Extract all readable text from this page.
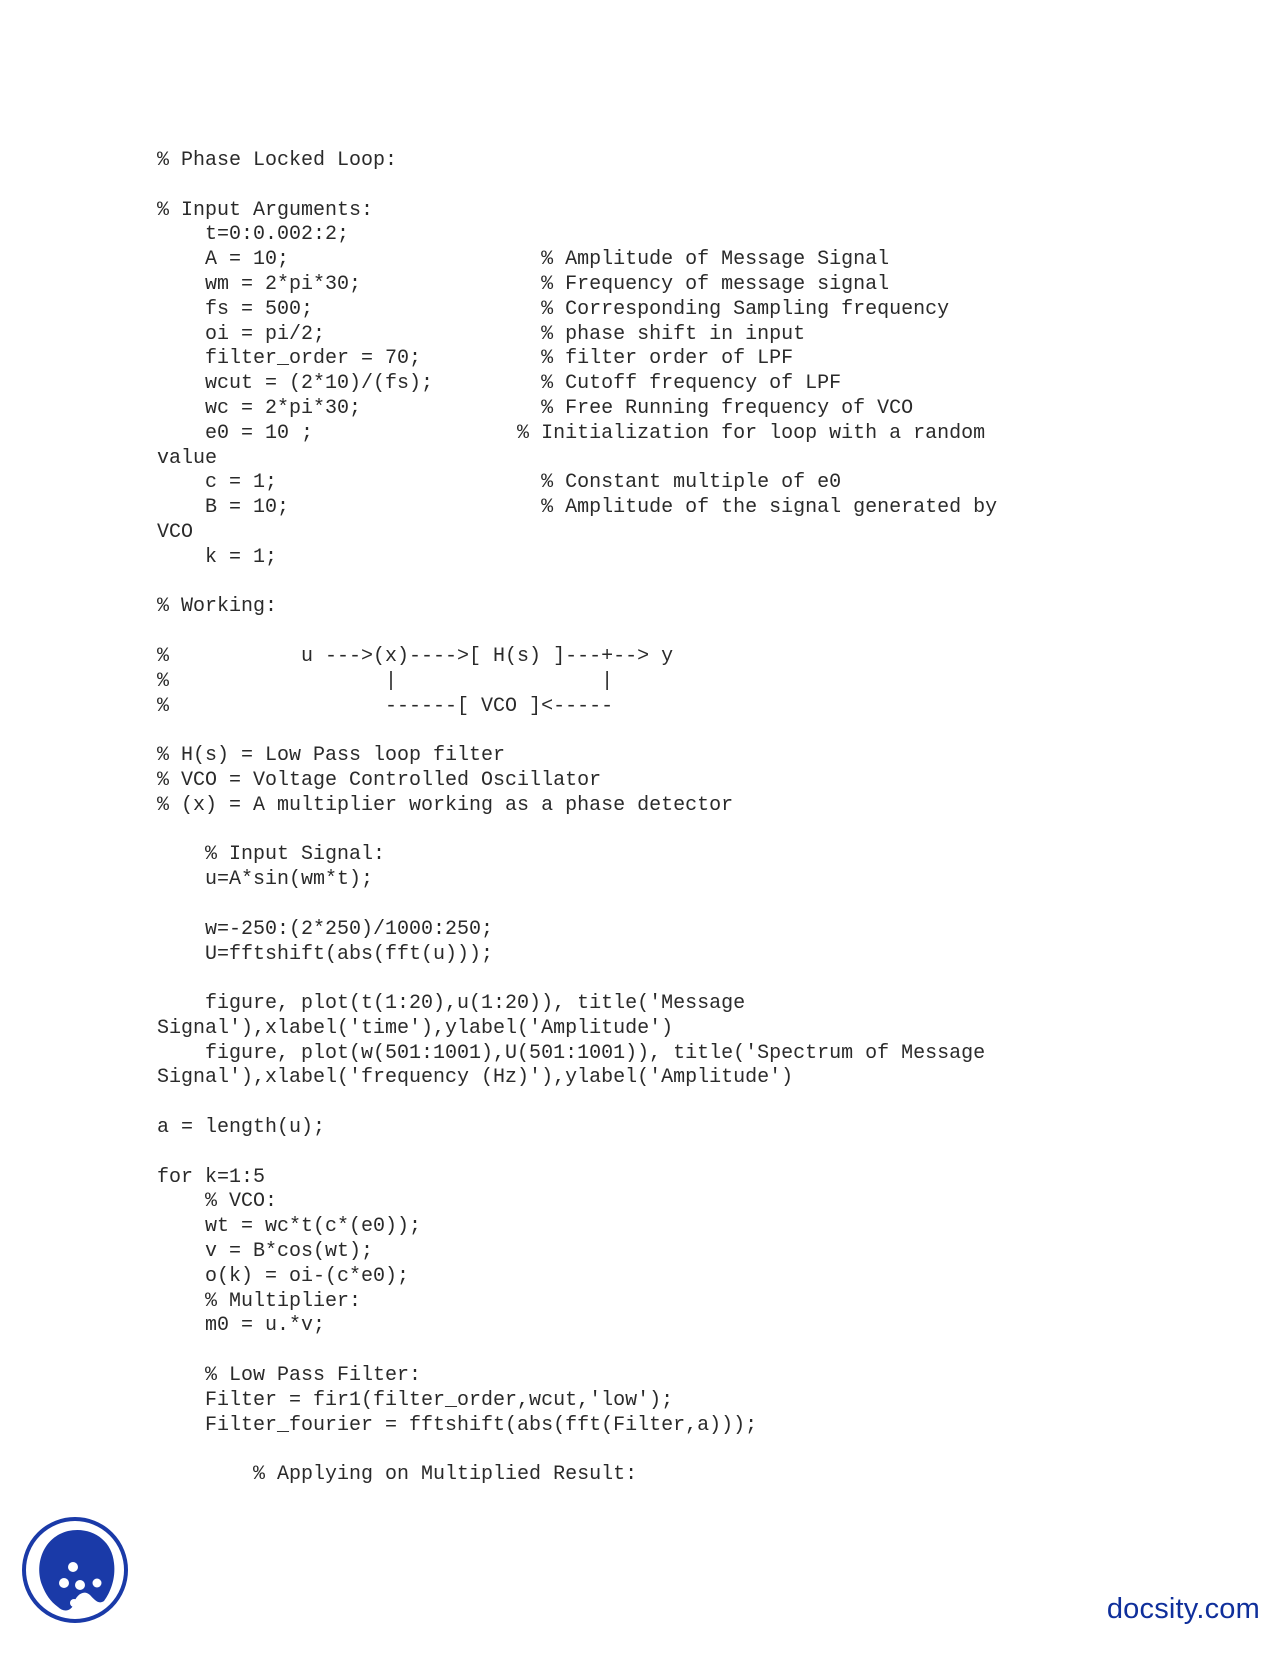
% Phase Locked Loop:
% Input Arguments:
t=0:0.002:2;
A = 10;                     % Amplitude of Message Signal
wm = 2*pi*30;               % Frequency of message signal
fs = 500;                   % Corresponding Sampling frequency
oi = pi/2;                  % phase shift in input
filter_order = 70;          % filter order of LPF
wcut = (2*10)/(fs);         % Cutoff frequency of LPF
wc = 2*pi*30;               % Free Running frequency of VCO
e0 = 10 ;                 % Initialization for loop with a random
value
c = 1;                      % Constant multiple of e0
B = 10;                     % Amplitude of the signal generated by
VCO
k = 1;
% Working:
%           u --->(x)---->[ H(s) ]---+--> y
%                  |                 |
%                  ------[ VCO ]<-----
% H(s) = Low Pass loop filter
% VCO = Voltage Controlled Oscillator
% (x) = A multiplier working as a phase detector
% Input Signal:
u=A*sin(wm*t);
w=-250:(2*250)/1000:250;
U=fftshift(abs(fft(u)));
figure, plot(t(1:20),u(1:20)), title('Message
Signal'),xlabel('time'),ylabel('Amplitude')
figure, plot(w(501:1001),U(501:1001)), title('Spectrum of Message
Signal'),xlabel('frequency (Hz)'),ylabel('Amplitude')
a = length(u);
for k=1:5
% VCO:
wt = wc*t(c*(e0));
v = B*cos(wt);
o(k) = oi-(c*e0);
% Multiplier:
m0 = u.*v;
% Low Pass Filter:
Filter = fir1(filter_order,wcut,'low');
Filter_fourier = fftshift(abs(fft(Filter,a)));
% Applying on Multiplied Result:
docsity.com
